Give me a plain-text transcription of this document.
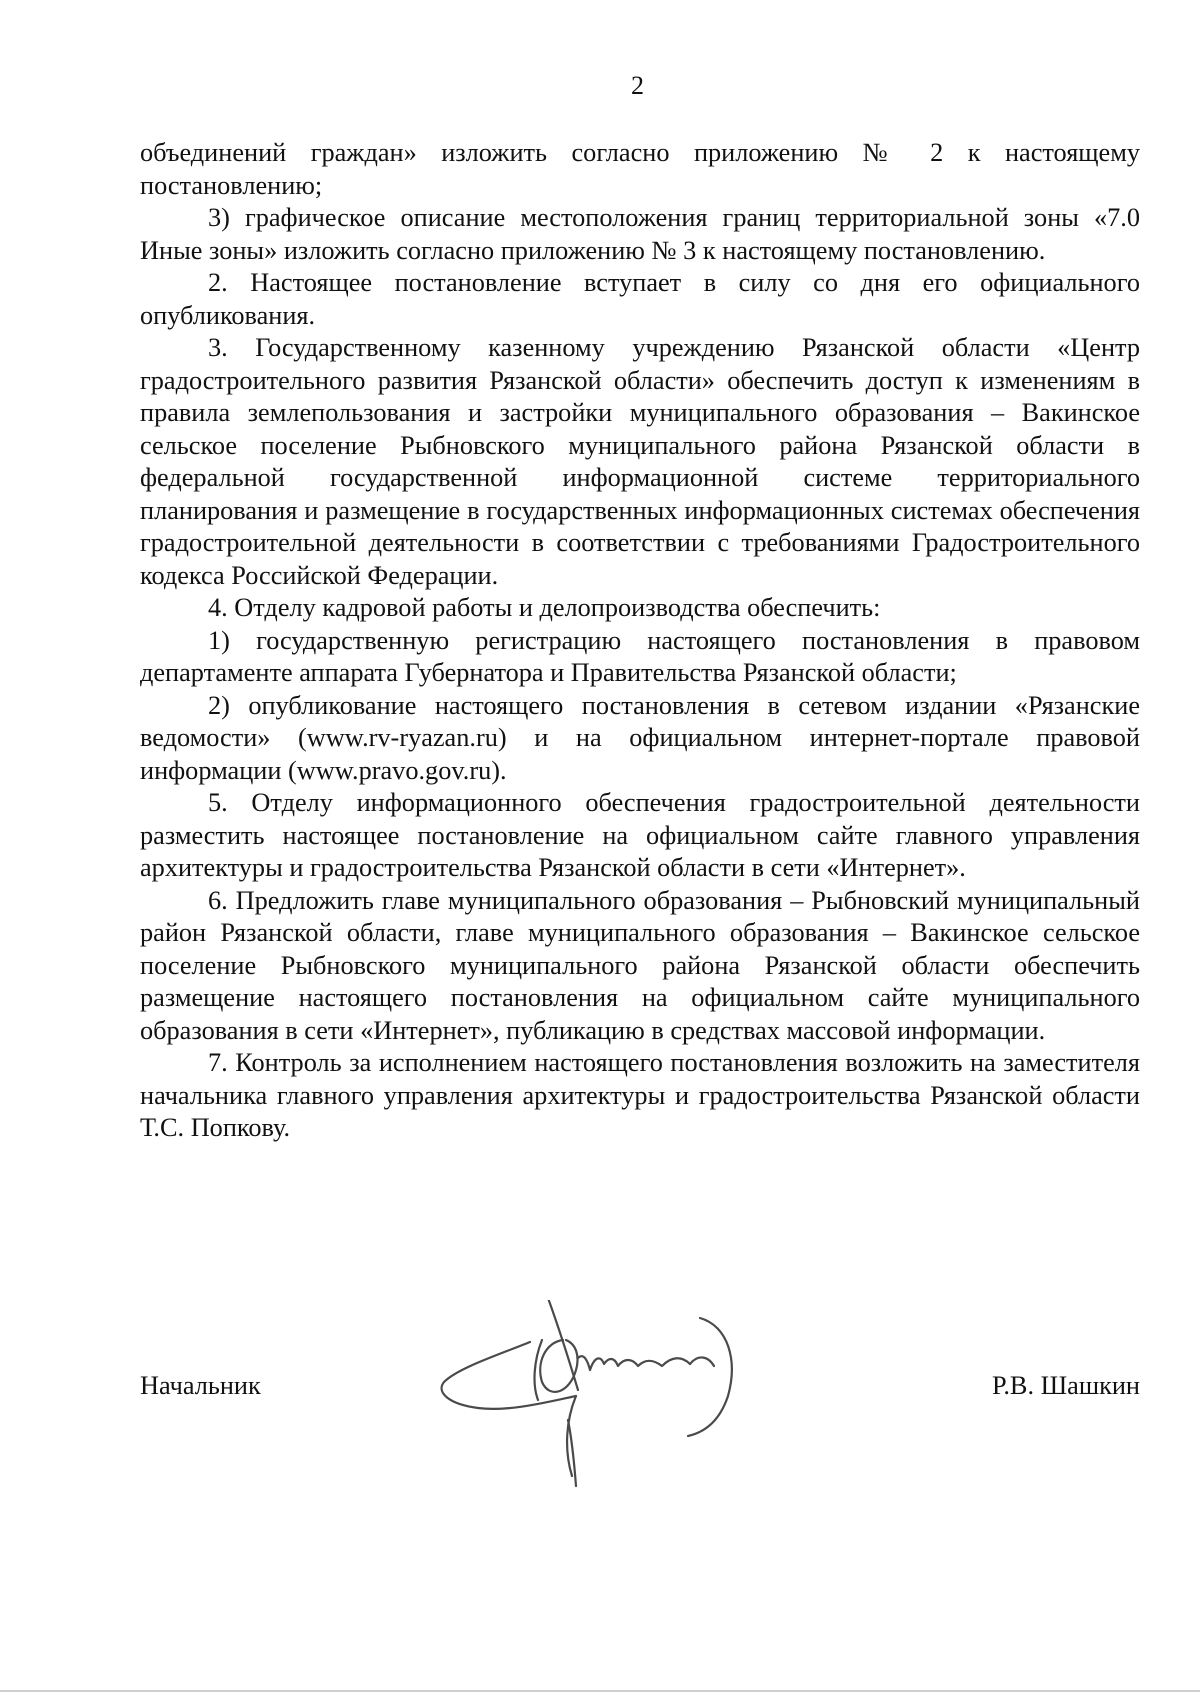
2

объединений граждан» изложить согласно приложению № 2 к настоящему постановлению;

3) графическое описание местоположения границ территориальной зоны «7.0 Иные зоны» изложить согласно приложению № 3 к настоящему постановлению.

2. Настоящее постановление вступает в силу со дня его официального опубликования.

3. Государственному казенному учреждению Рязанской области «Центр градостроительного развития Рязанской области» обеспечить доступ к изменениям в правила землепользования и застройки муниципального образования – Вакинское сельское поселение Рыбновского муниципального района Рязанской области в федеральной государственной информационной системе территориального планирования и размещение в государственных информационных системах обеспечения градостроительной деятельности в соответствии с требованиями Градостроительного кодекса Российской Федерации.

4. Отделу кадровой работы и делопроизводства обеспечить:

1) государственную регистрацию настоящего постановления в правовом департаменте аппарата Губернатора и Правительства Рязанской области;

2) опубликование настоящего постановления в сетевом издании «Рязанские ведомости» (www.rv-ryazan.ru) и на официальном интернет-портале правовой информации (www.pravo.gov.ru).

5. Отделу информационного обеспечения градостроительной деятельности разместить настоящее постановление на официальном сайте главного управления архитектуры и градостроительства Рязанской области в сети «Интернет».

6. Предложить главе муниципального образования – Рыбновский муниципальный район Рязанской области, главе муниципального образования – Вакинское сельское поселение Рыбновского муниципального района Рязанской области обеспечить размещение настоящего постановления на официальном сайте муниципального образования в сети «Интернет», публикацию в средствах массовой информации.

7. Контроль за исполнением настоящего постановления возложить на заместителя начальника главного управления архитектуры и градостроительства Рязанской области Т.С. Попкову.

Начальник	Р.В. Шашкин
